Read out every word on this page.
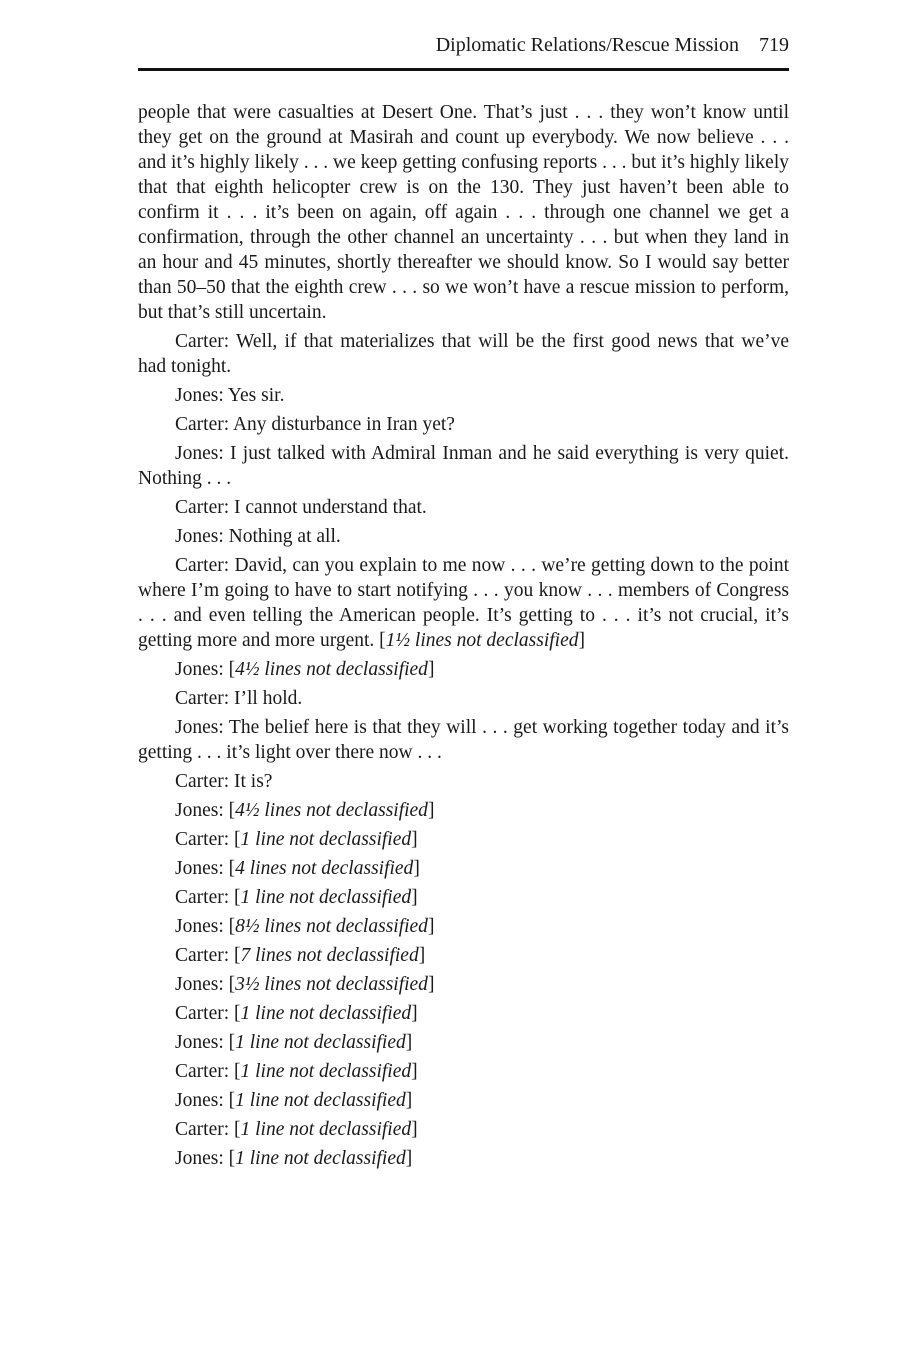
Diplomatic Relations/Rescue Mission 719

people that were casualties at Desert One. That’s just . . . they won’t know until they get on the ground at Masirah and count up everybody. We now believe . . . and it’s highly likely . . . we keep getting confusing reports . . . but it’s highly likely that that eighth helicopter crew is on the 130. They just haven’t been able to confirm it . . . it’s been on again, off again . . . through one channel we get a confirmation, through the other channel an uncertainty . . . but when they land in an hour and 45 minutes, shortly thereafter we should know. So I would say better than 50–50 that the eighth crew . . . so we won’t have a rescue mission to perform, but that’s still uncertain.

Carter: Well, if that materializes that will be the first good news that we’ve had tonight.

Jones: Yes sir.

Carter: Any disturbance in Iran yet?

Jones: I just talked with Admiral Inman and he said everything is very quiet. Nothing . . .

Carter: I cannot understand that.

Jones: Nothing at all.

Carter: David, can you explain to me now . . . we’re getting down to the point where I’m going to have to start notifying . . . you know . . . members of Congress . . . and even telling the American people. It’s getting to . . . it’s not crucial, it’s getting more and more urgent. [1½ lines not declassified]

Jones: [4½ lines not declassified]

Carter: I’ll hold.

Jones: The belief here is that they will . . . get working together today and it’s getting . . . it’s light over there now . . .

Carter: It is?

Jones: [4½ lines not declassified]

Carter: [1 line not declassified]

Jones: [4 lines not declassified]

Carter: [1 line not declassified]

Jones: [8½ lines not declassified]

Carter: [7 lines not declassified]

Jones: [3½ lines not declassified]

Carter: [1 line not declassified]

Jones: [1 line not declassified]

Carter: [1 line not declassified]

Jones: [1 line not declassified]

Carter: [1 line not declassified]

Jones: [1 line not declassified]
